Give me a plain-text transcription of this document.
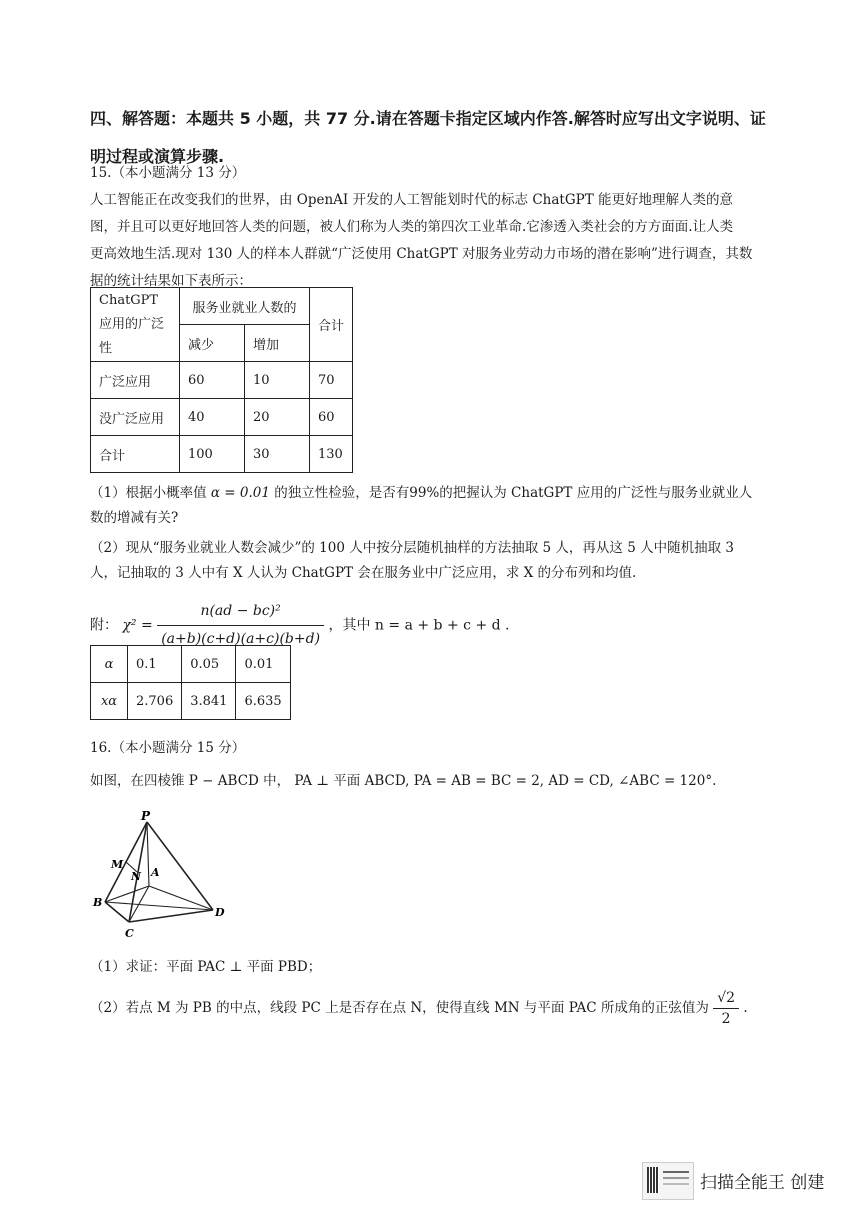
四、解答题：本题共 5 小题，共 77 分.请在答题卡指定区域内作答.解答时应写出文字说明、证明过程或演算步骤.
15.（本小题满分 13 分）
人工智能正在改变我们的世界，由 OpenAI 开发的人工智能划时代的标志 ChatGPT 能更好地理解人类的意
图，并且可以更好地回答人类的问题，被人们称为人类的第四次工业革命.它渗透入类社会的方方面面.让人类
更高效地生活.现对 130 人的样本人群就“广泛使用 ChatGPT 对服务业劳动力市场的潜在影响”进行调查，其数
据的统计结果如下表所示：
ChatGPT 应用的广泛性	服务业就业人数的		合计
	减少	增加	
广泛应用	60	10	70
没广泛应用	40	20	60
合计	100	30	130
（1）根据小概率值 α = 0.01 的独立性检验，是否有99%的把握认为 ChatGPT 应用的广泛性与服务业就业人
数的增减有关?
（2）现从“服务业就业人数会减少”的 100 人中按分层随机抽样的方法抽取 5 人，再从这 5 人中随机抽取 3
人，记抽取的 3 人中有 X 人认为 ChatGPT 会在服务业中广泛应用，求 X 的分布列和均值.
附： $\chi^2 = \frac{\text{n(ad − bc)²}}{(a+b)(c+d)(a+c)(b+d)}$ ，其中 n = a + b + c + d .
α	0.1	0.05	0.01
xα	2.706	3.841	6.635
16.（本小题满分 15 分）
如图，在四棱锥 P − ABCD 中， PA ⊥ 平面 ABCD, PA = AB = BC = 2, AD = CD, ∠ABC = 120°.
P
M
N A
B
C
D
（1）求证：平面 PAC ⊥ 平面 PBD；
（2）若点 M 为 PB 的中点，线段 PC 上是否存在点 N，使得直线 MN 与平面 PAC 所成角的正弦值为 $\frac{√2}{2}$ .
扫描全能王 创建
